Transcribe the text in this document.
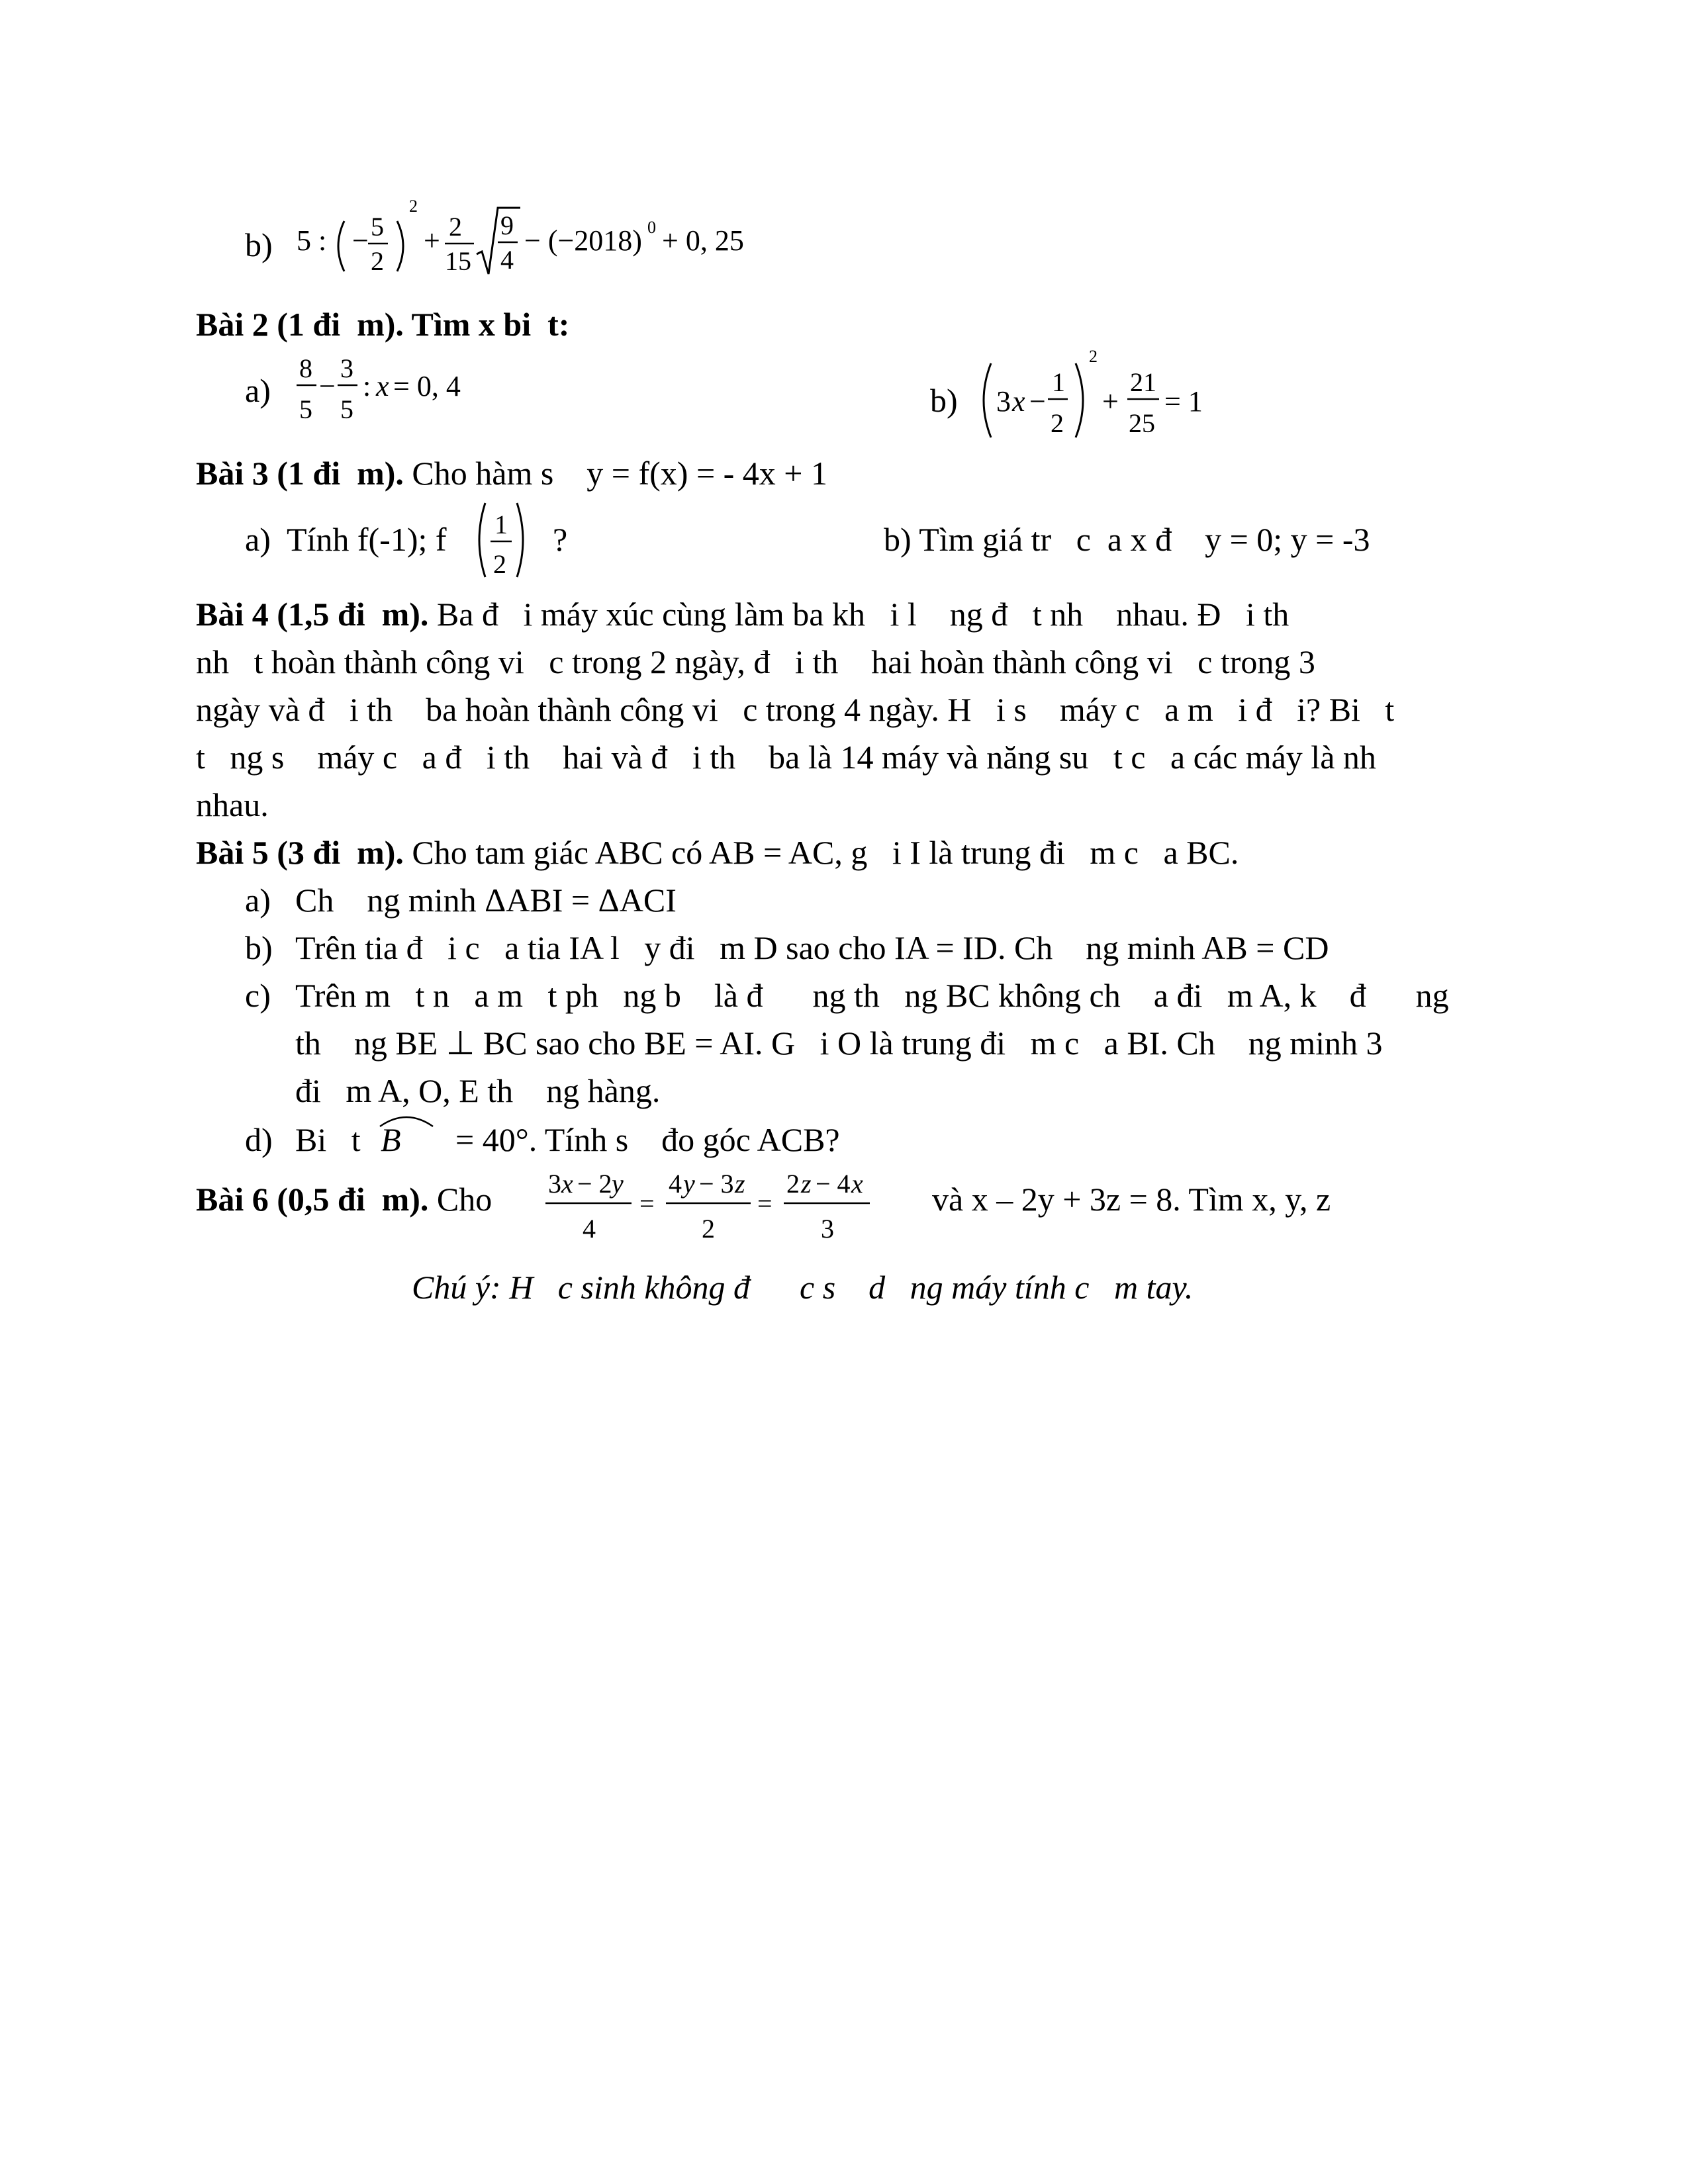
b) 5 : − 5
2
2
+ 2
15
9
4
− (−2018) 0 + 0, 25
Bài 2 (1 đi  m). Tìm x bi  t:
a)
8
5
−
3
5
: x = 0, 4	b) 3 x −
1
2
2
+
21
25
= 1
Bài 3 (1 đi  m). Cho hàm s    y = f(x) = - 4x + 1
a)  Tính f(-1); f 1
2
?	b) Tìm giá tr   c  a x đ    y = 0; y = -3
Bài 4 (1,5 đi  m). Ba đ   i máy xúc cùng làm ba kh   i l    ng đ   t nh    nhau. Đ   i th
nh   t hoàn thành công vi   c trong 2 ngày, đ   i th    hai hoàn thành công vi   c trong 3
ngày và đ   i th    ba hoàn thành công vi   c trong 4 ngày. H   i s    máy c   a m   i đ   i? Bi   t
t   ng s    máy c   a đ   i th    hai và đ   i th    ba là 14 máy và năng su   t c   a các máy là nh
nhau.
Bài 5 (3 đi  m). Cho tam giác ABC có AB = AC, g   i I là trung đi   m c   a BC.
a) Ch    ng minh ΔABI = ΔACI
b) Trên tia đ   i c   a tia IA l   y đi   m D sao cho IA = ID. Ch    ng minh AB = CD
c) Trên m   t n   a m   t ph   ng b    là đ      ng th   ng BC không ch    a đi   m A, k    đ      ng
th    ng BE ⊥ BC sao cho BE = AI. G   i O là trung đi   m c   a BI. Ch    ng minh 3
đi   m A, O, E th    ng hàng.
d) Bi   t B = 40°. Tính s    đo góc ACB?
Bài 6 (0,5 đi  m). Cho 3 x − 2 y
4
=
4 y − 3 z
2
=
2 z − 4 x
3
và x – 2y + 3z = 8. Tìm x, y, z
Chú ý: H   c sinh không đ      c s    d   ng máy tính c   m tay.
